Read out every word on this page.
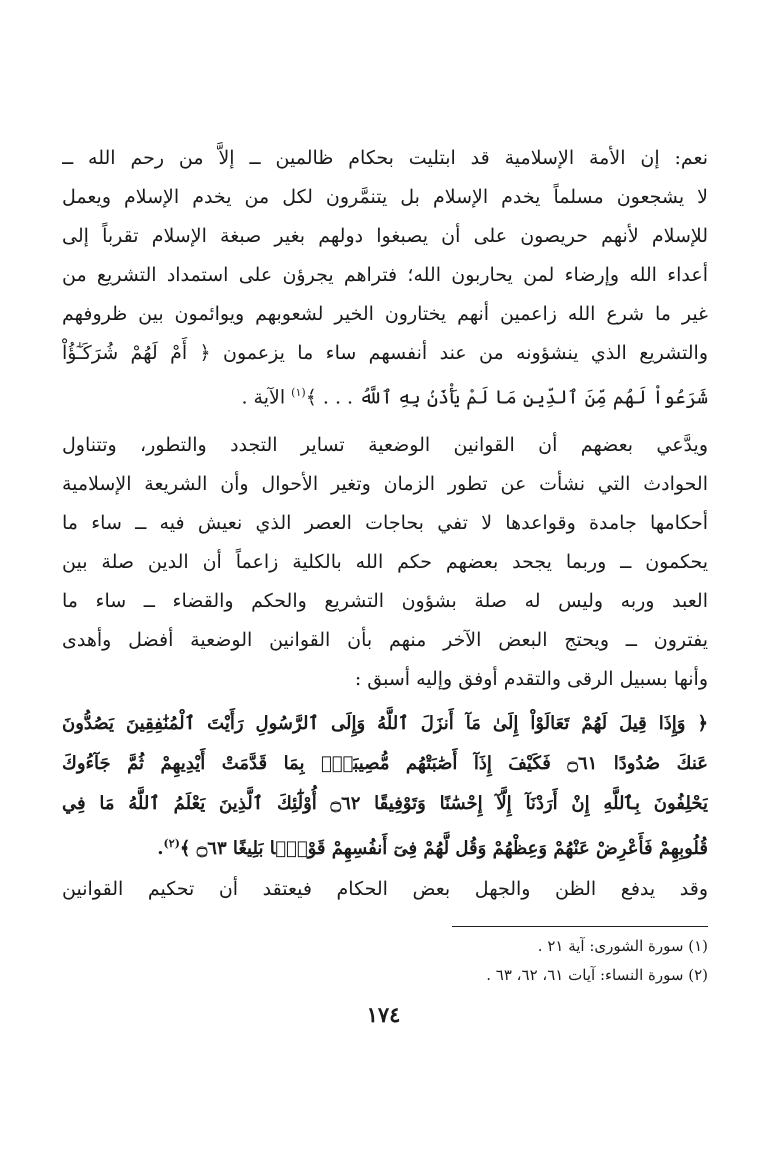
نعم: إن الأمة الإسلامية قد ابتليت بحكام ظالمين ــ إلاَّ من رحم الله ــ
لا يشجعون مسلماً يخدم الإسلام بل يتنمَّرون لكل من يخدم الإسلام ويعمل
للإسلام لأنهم حريصون على أن يصبغوا دولهم بغير صبغة الإسلام تقرباً إلى
أعداء الله وإرضاء لمن يحاربون الله؛ فتراهم يجرؤن على استمداد التشريع من
غير ما شرع الله زاعمين أنهم يختارون الخير لشعوبهم ويوائمون بين ظروفهم
والتشريع الذي ينشؤونه من عند أنفسهم ساء ما يزعمون ﴿ أَمْ لَهُمْ شُرَكَـٰٓؤُاْ
شَرَعُواْ لَهُم مِّنَ ٱلدِّينِ مَا لَمْ يَأْذَنۢ بِهِ ٱللَّهُ . . . ﴾$^{(١)}$ الآية .
ويدَّعي بعضهم أن القوانين الوضعية تساير التجدد والتطور، وتتناول
الحوادث التي نشأت عن تطور الزمان وتغير الأحوال وأن الشريعة الإسلامية
أحكامها جامدة وقواعدها لا تفي بحاجات العصر الذي نعيش فيه ــ ساء ما
يحكمون ــ وربما يجحد بعضهم حكم الله بالكلية زاعماً أن الدين صلة بين
العبد وربه وليس له صلة بشؤون التشريع والحكم والقضاء ــ ساء ما
يفترون ــ ويحتج البعض الآخر منهم بأن القوانين الوضعية أفضل وأهدى
وأنها بسبيل الرقى والتقدم أوفق وإليه أسبق :
﴿ وَإِذَا قِيلَ لَهُمْ تَعَالَوْاْ إِلَىٰ مَآ أَنزَلَ ٱللَّهُ وَإِلَى ٱلرَّسُولِ رَأَيْتَ ٱلْمُنَٰفِقِينَ يَصُدُّونَ
عَنكَ صُدُودًا ۝٦١ فَكَيْفَ إِذَآ أَصَٰبَتْهُم مُّصِيبَةٌۢ بِمَا قَدَّمَتْ أَيْدِيهِمْ ثُمَّ جَآءُوكَ
يَحْلِفُونَ بِٱللَّهِ إِنْ أَرَدْنَآ إِلَّآ إِحْسَٰنًا وَتَوْفِيقًا ۝٦٢ أُوْلَٰٓئِكَ ٱلَّذِينَ يَعْلَمُ ٱللَّهُ مَا فِي
قُلُوبِهِمْ فَأَعْرِضْ عَنْهُمْ وَعِظْهُمْ وَقُل لَّهُمْ فِىٓ أَنفُسِهِمْ قَوْلًۢا بَلِيغًا ۝٦٣ ﴾$^{(٢)}$.
وقد يدفع الظن والجهل بعض الحكام فيعتقد أن تحكيم القوانين
(١) سورة الشورى: آية ٢١ .
(٢) سورة النساء: آيات ٦١، ٦٢، ٦٣ .
١٧٤
